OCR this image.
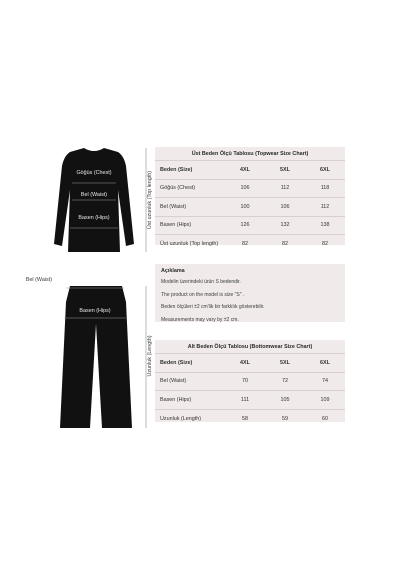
Göğüs (Chest)
Bel (Waist)
Basen (Hips)	Üst uzunluk (Top length)
Bel (Waist)
Basen (Hips)
Uzunluk (Length)
Üst Beden Ölçü Tablosu (Topwear Size Chart)
Beden (Size)	4XL	5XL	6XL
Göğüs (Chest)	106	112	118
Bel (Waist)	100	106	112
Basen (Hips)	126	132	138
Üst uzunluk (Top length)	82	82	82
Açıklama
Modelin üzerindeki ürün S bedendir.
The product on the model is size "S" .
Beden ölçüleri ±2 cm'lik bir farklılık gösterebilir.
Measurements may vary by ±2 cm.
Alt Beden Ölçü Tablosu (Bottomwear Size Chart)
Beden (Size)	4XL	5XL	6XL
Bel (Waist)	70	72	74
Basen (Hips)	111	105	109
Uzunluk (Length)	58	59	60
